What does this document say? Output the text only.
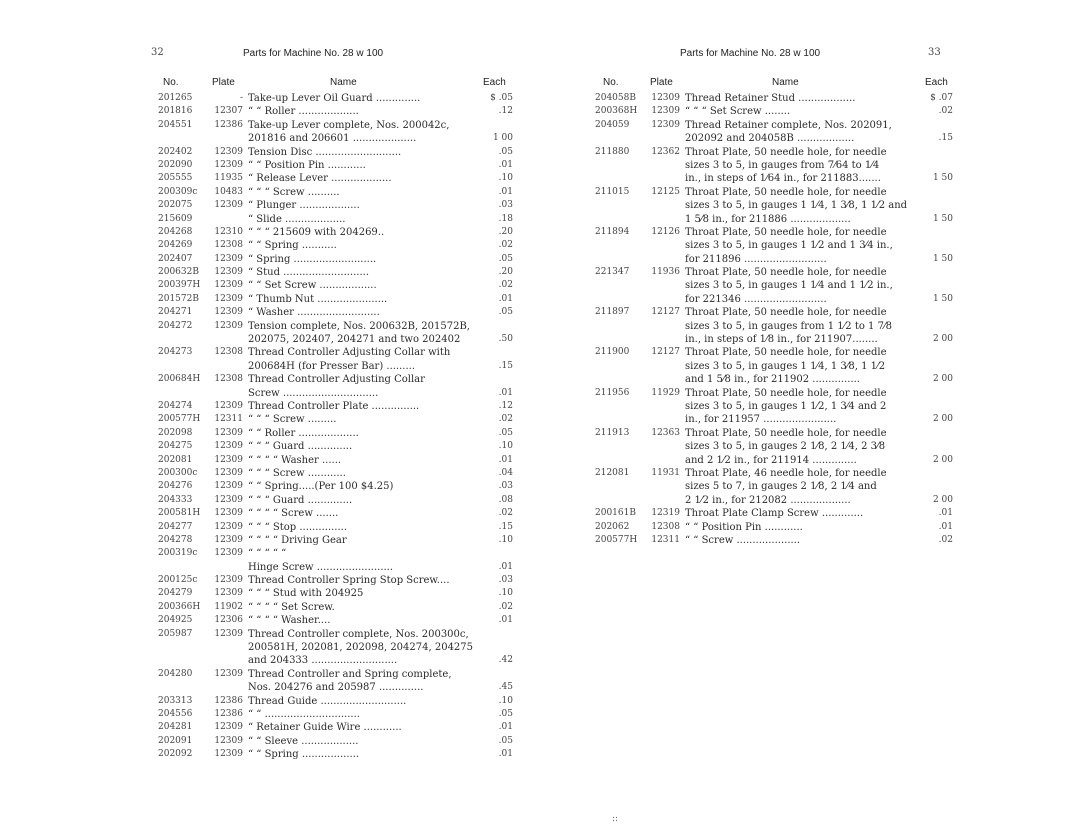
32	Parts for Machine No. 28 w 100
No.	Plate	Name	Each
201265	- Take-up Lever Oil Guard ..............	$ .05
201816	12307 “ “ Roller ...................	.12
204551	12386 Take-up Lever complete, Nos. 200042c,
201816 and 206601 ....................	1 00
202402	12309 Tension Disc ...........................	.05
202090	12309 “ “ Position Pin ............	.01
205555	11935 “ Release Lever ...................	.10
200309c	10483 “ “ “ Screw ..........	.01
202075	12309 “ Plunger ...................	.03
215609	“ Slide ...................	.18
204268	12310 “ “ “ 215609 with 204269..	.20
204269	12308 “ “ Spring ...........	.02
202407	12309 “ Spring ..........................	.05
200632B	12309 “ Stud ...........................	.20
200397H	12309 “ “ Set Screw ..................	.02
201572B	12309 “ Thumb Nut ......................	.01
204271	12309 “ Washer ..........................	.05
204272	12309 Tension complete, Nos. 200632B, 201572B,
202075, 202407, 204271 and two 202402	.50
204273	12308 Thread Controller Adjusting Collar with
200684H (for Presser Bar) .........	.15
200684H	12308 Thread Controller Adjusting Collar
Screw ..............................	.01
204274	12309 Thread Controller Plate ...............	.12
200577H	12311 “ “ “ Screw .........	.02
202098	12309 “ “ Roller ...................	.05
204275	12309 “ “ “ Guard ..............	.10
202081	12309 “ “ “ “ Washer ......	.01
200300c	12309 “ “ “ Screw ............	.04
204276	12309 “ “ Spring.....(Per 100 $4.25)	.03
204333	12309 “ “ “ Guard ..............	.08
200581H	12309 “ “ “ “ Screw .......	.02
204277	12309 “ “ “ Stop ...............	.15
204278	12309 “ “ “ “ Driving Gear	.10
200319c	12309 “ “ “ “ “
Hinge Screw ........................	.01
200125c	12309 Thread Controller Spring Stop Screw....	.03
204279	12309 “ “ “ Stud with 204925	.10
200366H	11902 “ “ “ “ Set Screw.	.02
204925	12306 “ “ “ “ Washer....	.01
205987	12309 Thread Controller complete, Nos. 200300c,
200581H, 202081, 202098, 204274, 204275
and 204333 ...........................	.42
204280	12309 Thread Controller and Spring complete,
Nos. 204276 and 205987 ..............	.45
203313	12386 Thread Guide ...........................	.10
204556	12386 “ “ ..............................	.05
204281	12309 “ Retainer Guide Wire ............	.01
202091	12309 “ “ Sleeve ..................	.05
202092	12309 “ “ Spring ..................	.01
Parts for Machine No. 28 w 100	33
No.	Plate	Name	Each
204058B	12309 Thread Retainer Stud ..................	$ .07
200368H	12309 “ “ “ Set Screw ........	.02
204059	12309 Thread Retainer complete, Nos. 202091,
202092 and 204058B ..................	.15
211880	12362 Throat Plate, 50 needle hole, for needle
sizes 3 to 5, in gauges from 7⁄64 to 1⁄4
in., in steps of 1⁄64 in., for 211883.......	1 50
211015	12125 Throat Plate, 50 needle hole, for needle
sizes 3 to 5, in gauges 1 1⁄4, 1 3⁄8, 1 1⁄2 and
1 5⁄8 in., for 211886 ...................	1 50
211894	12126 Throat Plate, 50 needle hole, for needle
sizes 3 to 5, in gauges 1 1⁄2 and 1 3⁄4 in.,
for 211896 ..........................	1 50
221347	11936 Throat Plate, 50 needle hole, for needle
sizes 3 to 5, in gauges 1 1⁄4 and 1 1⁄2 in.,
for 221346 ..........................	1 50
211897	12127 Throat Plate, 50 needle hole, for needle
sizes 3 to 5, in gauges from 1 1⁄2 to 1 7⁄8
in., in steps of 1⁄8 in., for 211907........	2 00
211900	12127 Throat Plate, 50 needle hole, for needle
sizes 3 to 5, in gauges 1 1⁄4, 1 3⁄8, 1 1⁄2
and 1 5⁄8 in., for 211902 ...............	2 00
211956	11929 Throat Plate, 50 needle hole, for needle
sizes 3 to 5, in gauges 1 1⁄2, 1 3⁄4 and 2
in., for 211957 .......................	2 00
211913	12363 Throat Plate, 50 needle hole, for needle
sizes 3 to 5, in gauges 2 1⁄8, 2 1⁄4, 2 3⁄8
and 2 1⁄2 in., for 211914 ..............	2 00
212081	11931 Throat Plate, 46 needle hole, for needle
sizes 5 to 7, in gauges 2 1⁄8, 2 1⁄4 and
2 1⁄2 in., for 212082 ...................	2 00
200161B	12319 Throat Plate Clamp Screw .............	.01
202062	12308 “ “ Position Pin ............	.01
200577H	12311 “ “ Screw ....................	.02
::
